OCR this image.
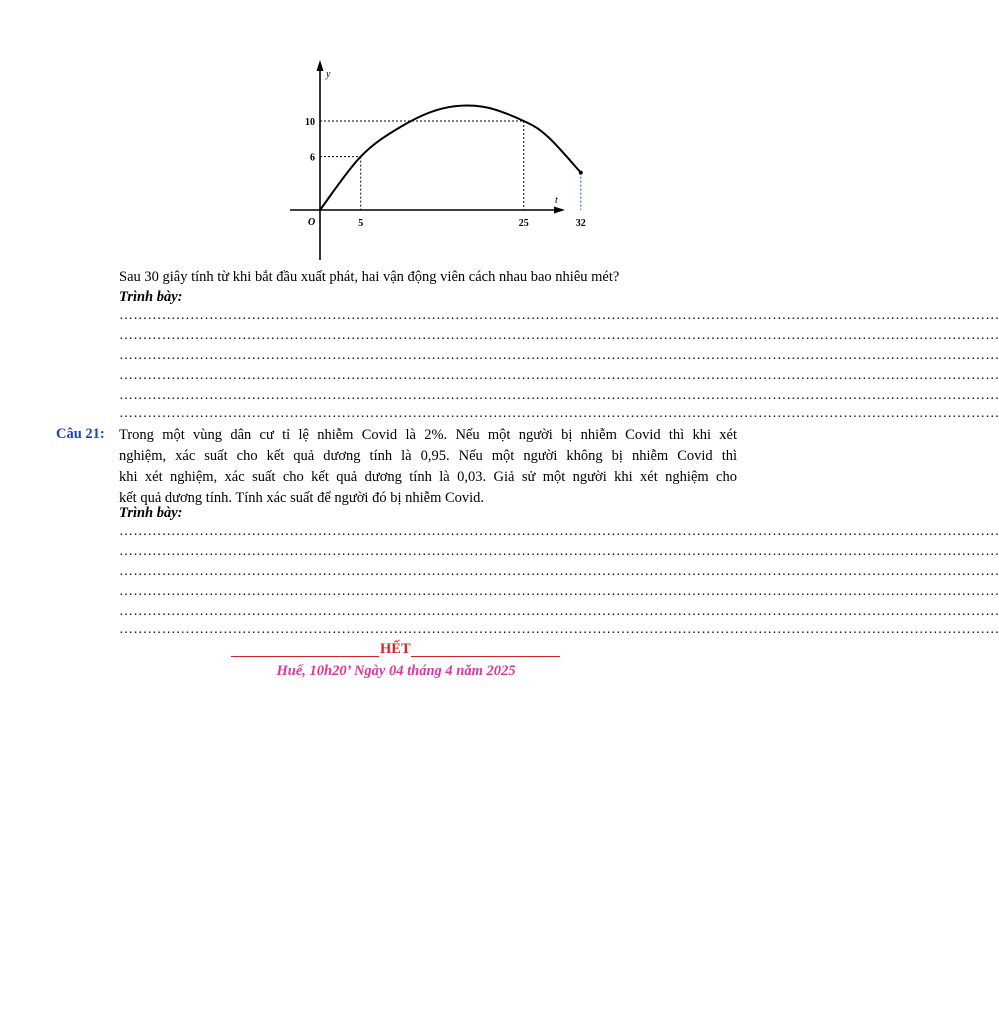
y
t
O	5	25	32
6
10
Sau 30 giây tính từ khi bắt đầu xuất phát, hai vận động viên cách nhau bao nhiêu mét?
Trình bày:
……………………………………………………………………………………………………………………………………………………………………
……………………………………………………………………………………………………………………………………………………………………
……………………………………………………………………………………………………………………………………………………………………
……………………………………………………………………………………………………………………………………………………………………
……………………………………………………………………………………………………………………………………………………………………
……………………………………………………………………………………………………………………………………………………………………
Câu 21: Trong một vùng dân cư tỉ lệ nhiễm Covid là 2%. Nếu một người bị nhiễm Covid thì khi xét
nghiệm, xác suất cho kết quả dương tính là 0,95. Nếu một người không bị nhiễm Covid thì
khi xét nghiệm, xác suất cho kết quả dương tính là 0,03. Giả sử một người khi xét nghiệm cho
kết quả dương tính. Tính xác suất để người đó bị nhiễm Covid.
Trình bày:
……………………………………………………………………………………………………………………………………………………………………
……………………………………………………………………………………………………………………………………………………………………
……………………………………………………………………………………………………………………………………………………………………
……………………………………………………………………………………………………………………………………………………………………
……………………………………………………………………………………………………………………………………………………………………
……………………………………………………………………………………………………………………………………………………………………
HẾT
Huế, 10h20’ Ngày 04 tháng 4 năm 2025
